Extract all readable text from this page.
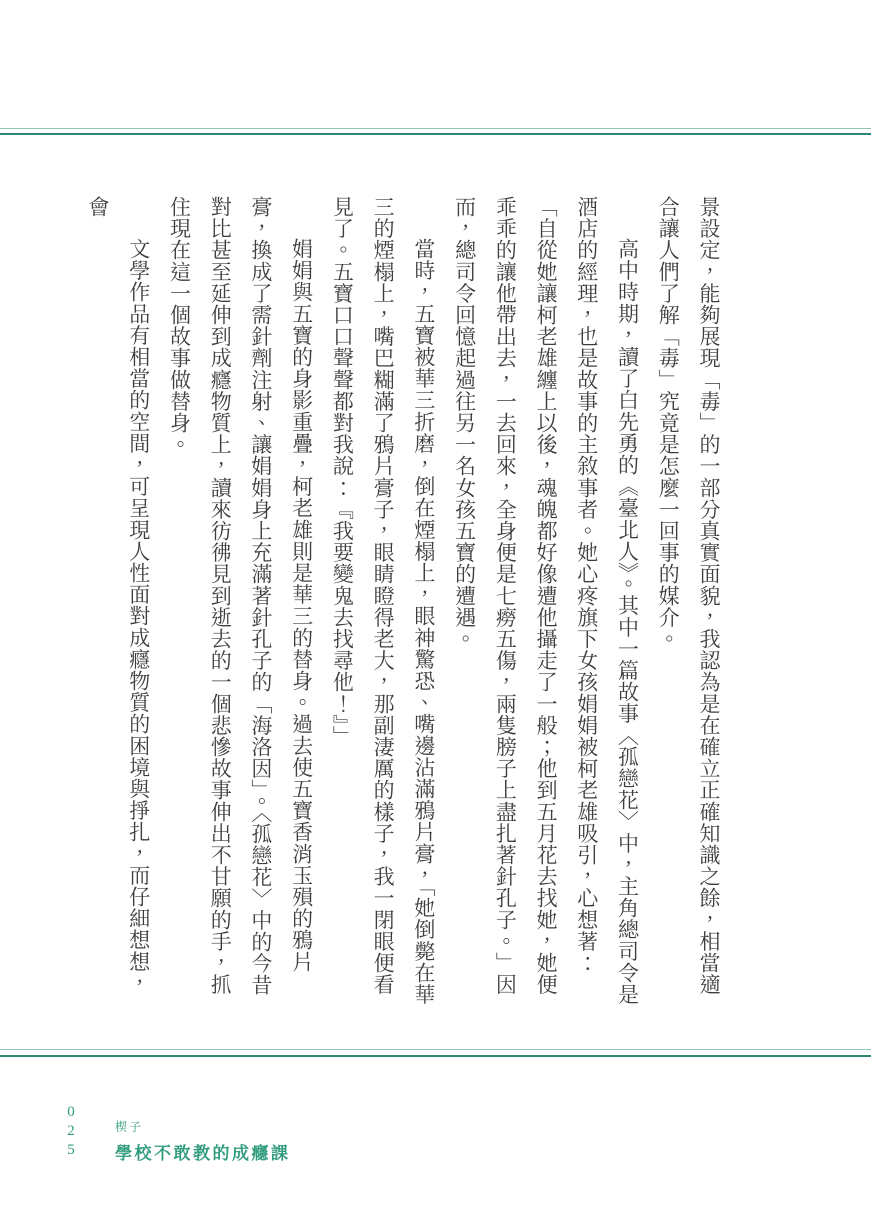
景設定，能夠展現「毒」的一部分真實面貌，我認為是在確立正確知識之餘，相當適合讓人們了解「毒」究竟是怎麼一回事的媒介。

高中時期，讀了白先勇的《臺北人》。其中一篇故事〈孤戀花〉中，主角總司令是酒店的經理，也是故事的主敘事者。她心疼旗下女孩娟娟被柯老雄吸引，心想著：「自從她讓柯老雄纏上以後，魂魄都好像遭他攝走了一般；他到五月花去找她，她便乖乖的讓他帶出去，一去回來，全身便是七癆五傷，兩隻膀子上盡扎著針孔子。」因而，總司令回憶起過往另一名女孩五寶的遭遇。

當時，五寶被華三折磨，倒在煙榻上，眼神驚恐、嘴邊沾滿鴉片膏，「她倒斃在華三的煙榻上，嘴巴糊滿了鴉片膏子，眼睛瞪得老大，那副淒厲的樣子，我一閉眼便看見了。五寶口口聲聲都對我說：『我要變鬼去找尋他！』」

娟娟與五寶的身影重疊，柯老雄則是華三的替身。過去使五寶香消玉殞的鴉片膏，換成了需針劑注射、讓娟娟身上充滿著針孔子的「海洛因」。〈孤戀花〉中的今昔對比甚至延伸到成癮物質上，讀來彷彿見到逝去的一個悲慘故事伸出不甘願的手，抓住現在這一個故事做替身。

文學作品有相當的空間，可呈現人性面對成癮物質的困境與掙扎，而仔細想想，會

025	楔子
學校不敢教的成癮課
